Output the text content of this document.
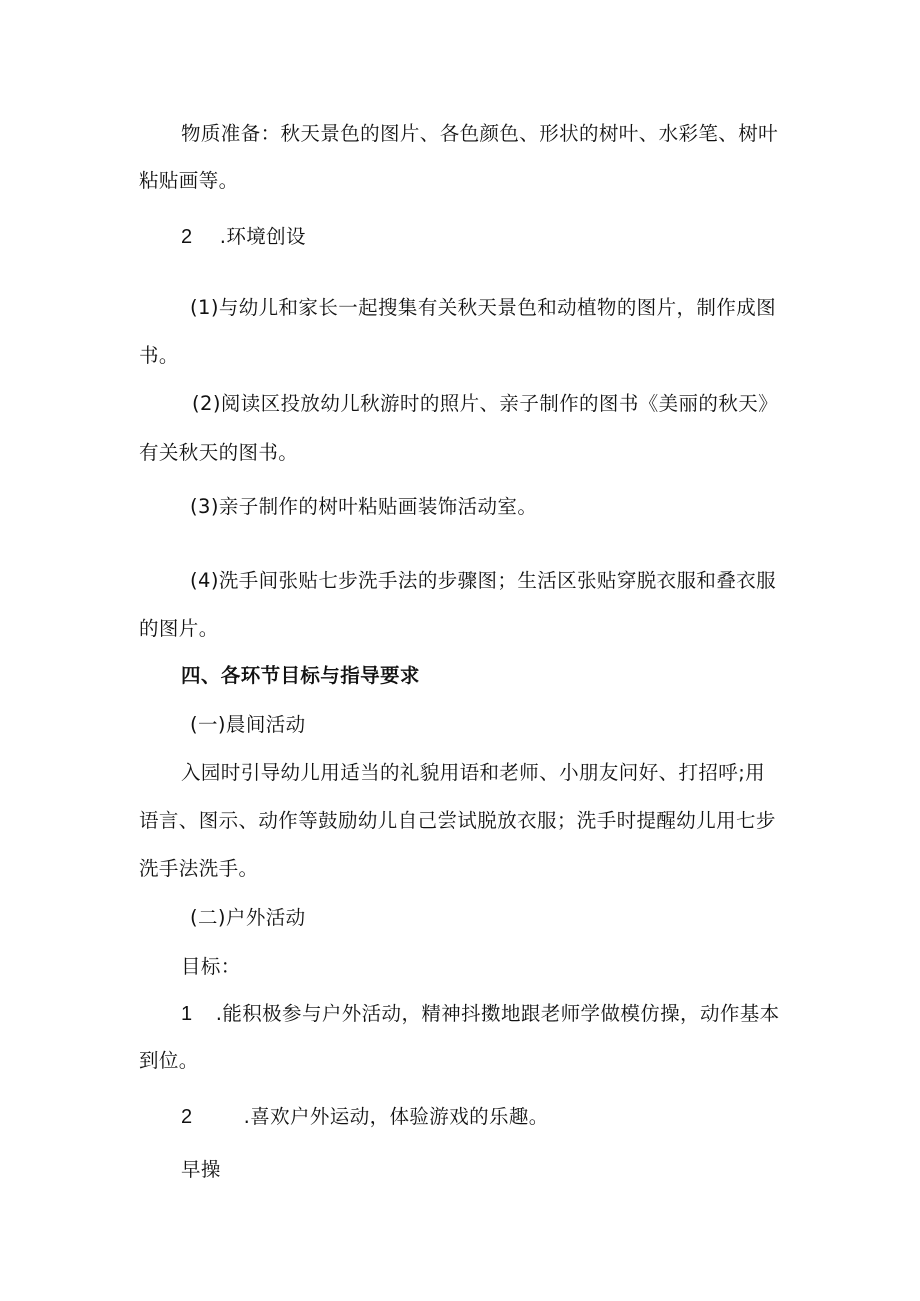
物质准备：秋天景色的图片、各色颜色、形状的树叶、水彩笔、树叶
粘贴画等。
2 .环境创设
(1)与幼儿和家长一起搜集有关秋天景色和动植物的图片，制作成图
书。
(2)阅读区投放幼儿秋游时的照片、亲子制作的图书《美丽的秋天》
有关秋天的图书。
(3)亲子制作的树叶粘贴画装饰活动室。
(4)洗手间张贴七步洗手法的步骤图；生活区张贴穿脱衣服和叠衣服
的图片。
四、各环节目标与指导要求
(一)晨间活动
入园时引导幼儿用适当的礼貌用语和老师、小朋友问好、打招呼;用
语言、图示、动作等鼓励幼儿自己尝试脱放衣服；洗手时提醒幼儿用七步
洗手法洗手。
(二)户外活动
目标：
1 .能积极参与户外活动，精神抖擞地跟老师学做模仿操，动作基本
到位。
2	.喜欢户外运动，体验游戏的乐趣。
早操
